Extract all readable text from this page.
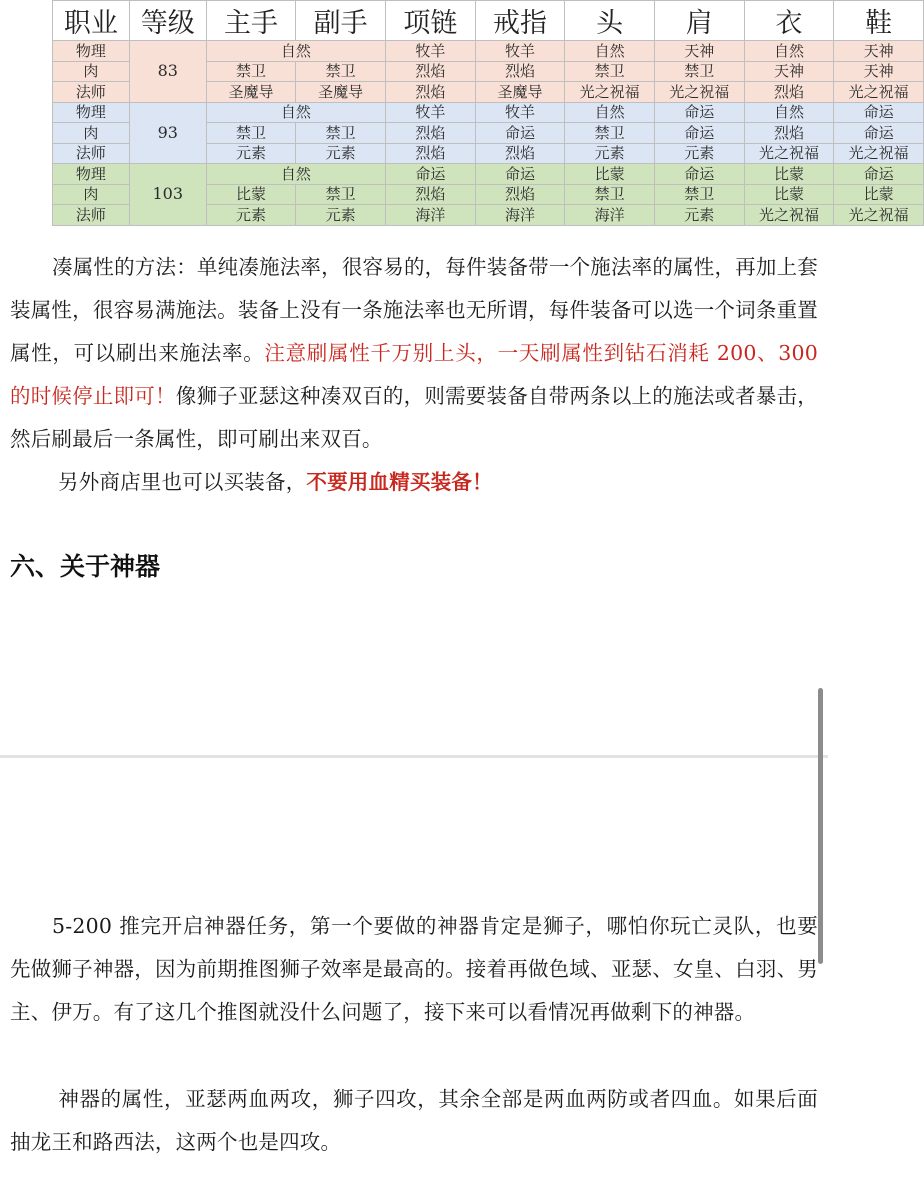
职业	等级	主手	副手	项链	戒指	头	肩	衣	鞋
物理	83	自然		牧羊	牧羊	自然	天神	自然	天神
肉		禁卫	禁卫	烈焰	烈焰	禁卫	禁卫	天神	天神
法师		圣魔导	圣魔导	烈焰	圣魔导	光之祝福	光之祝福	烈焰	光之祝福
物理	93	自然		牧羊	牧羊	自然	命运	自然	命运
肉		禁卫	禁卫	烈焰	命运	禁卫	命运	烈焰	命运
法师		元素	元素	烈焰	烈焰	元素	元素	光之祝福	光之祝福
物理	103	自然		命运	命运	比蒙	命运	比蒙	命运
肉		比蒙	禁卫	烈焰	烈焰	禁卫	禁卫	比蒙	比蒙
法师		元素	元素	海洋	海洋	海洋	元素	光之祝福	光之祝福

凑属性的方法：单纯凑施法率，很容易的，每件装备带一个施法率的属性，再加上套装属性，很容易满施法。装备上没有一条施法率也无所谓，每件装备可以选一个词条重置属性，可以刷出来施法率。注意刷属性千万别上头，一天刷属性到钻石消耗 200、300 的时候停止即可！像狮子亚瑟这种凑双百的，则需要装备自带两条以上的施法或者暴击，然后刷最后一条属性，即可刷出来双百。

另外商店里也可以买装备，不要用血精买装备！

六、关于神器

5-200 推完开启神器任务，第一个要做的神器肯定是狮子，哪怕你玩亡灵队，也要先做狮子神器，因为前期推图狮子效率是最高的。接着再做色域、亚瑟、女皇、白羽、男主、伊万。有了这几个推图就没什么问题了，接下来可以看情况再做剩下的神器。

神器的属性，亚瑟两血两攻，狮子四攻，其余全部是两血两防或者四血。如果后面抽龙王和路西法，这两个也是四攻。
